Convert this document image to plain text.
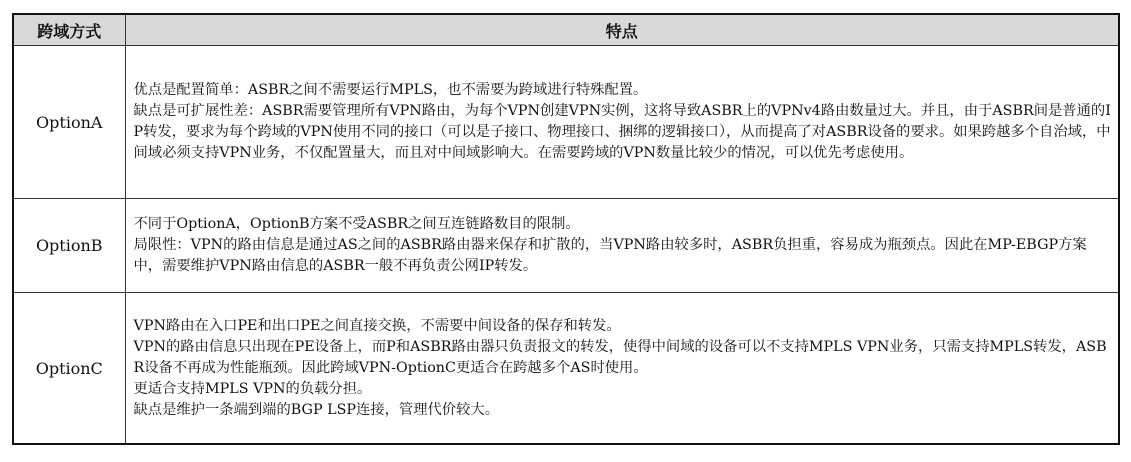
跨域方式	特点
OptionA	优点是配置简单：ASBR之间不需要运行MPLS，也不需要为跨域进行特殊配置。
缺点是可扩展性差：ASBR需要管理所有VPN路由，为每个VPN创建VPN实例，这将导致ASBR上的VPNv4路由数量过大。并且，由于ASBR间是普通的IP转发，要求为每个跨域的VPN使用不同的接口（可以是子接口、物理接口、捆绑的逻辑接口），从而提高了对ASBR设备的要求。如果跨越多个自治域，中间域必须支持VPN业务，不仅配置量大，而且对中间域影响大。在需要跨域的VPN数量比较少的情况，可以优先考虑使用。

OptionB	不同于OptionA，OptionB方案不受ASBR之间互连链路数目的限制。
局限性：VPN的路由信息是通过AS之间的ASBR路由器来保存和扩散的，当VPN路由较多时，ASBR负担重，容易成为瓶颈点。因此在MP-EBGP方案中，需要维护VPN路由信息的ASBR一般不再负责公网IP转发。

OptionC	VPN路由在入口PE和出口PE之间直接交换，不需要中间设备的保存和转发。
VPN的路由信息只出现在PE设备上，而P和ASBR路由器只负责报文的转发，使得中间域的设备可以不支持MPLS VPN业务，只需支持MPLS转发，ASBR设备不再成为性能瓶颈。因此跨域VPN-OptionC更适合在跨越多个AS时使用。
更适合支持MPLS VPN的负载分担。
缺点是维护一条端到端的BGP LSP连接，管理代价较大。
